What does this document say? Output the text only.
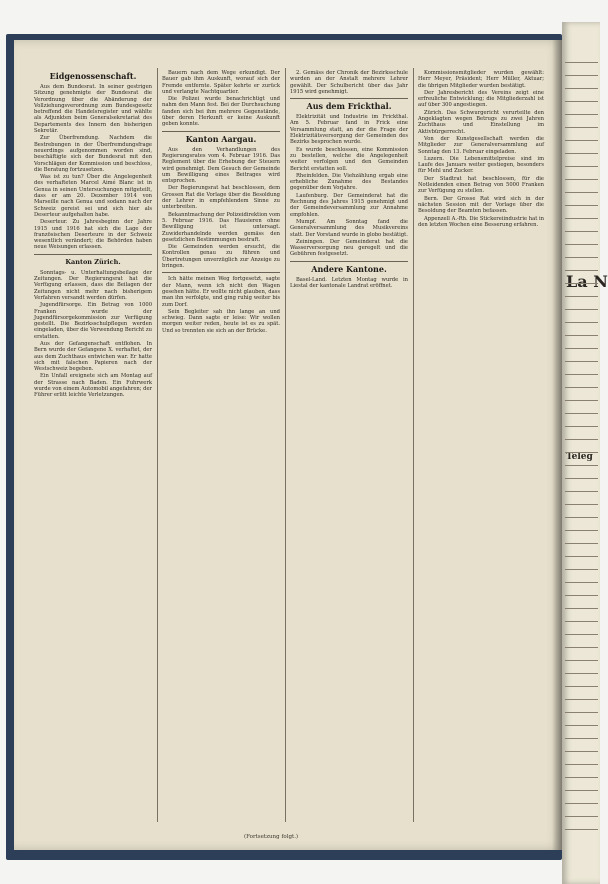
Eidgenossenschaft.

Aus dem Bundesrat. In seiner gestrigen Sitzung genehmigte der Bundesrat die Verordnung über die Abänderung der Vollziehungsverordnung zum Bundesgesetz betreffend die Handelsregister und wählte als Adjunkten beim Generalsekretariat des Departements des Innern den bisherigen Sekretär.

Zur Überfremdung. Nachdem die Bestrebungen in der Überfremdungsfrage neuerdings aufgenommen worden sind, beschäftigte sich der Bundesrat mit den Vorschlägen der Kommission und beschloss, die Beratung fortzusetzen.

Was ist zu tun? Über die Angelegenheit des verhafteten Marcel Aimé Blanc ist in Genua in seinen Untersuchungen mitgeteilt, dass er am 20. Dezember 1914 von Marseille nach Genua und sodann nach der Schweiz gereist sei und sich hier als Deserteur aufgehalten habe.

Deserteur. Zu Jahresbeginn der Jahre 1915 und 1916 hat sich die Lage der französischen Deserteure in der Schweiz wesentlich verändert; die Behörden haben neue Weisungen erlassen.

Kanton Zürich.

Sonntags- u. Unterhaltungsbeilage der Zeitungen. Der Regierungsrat hat die Verfügung erlassen, dass die Beilagen der Zeitungen nicht mehr nach bisherigem Verfahren versandt werden dürfen.

Jugendfürsorge. Ein Betrag von 1000 Franken wurde der Jugendfürsorgekommission zur Verfügung gestellt. Die Bezirksschulpflegen werden eingeladen, über die Verwendung Bericht zu erstatten.

Aus der Gefangenschaft entflohen. In Bern wurde der Gefangene X. verhaftet, der aus dem Zuchthaus entwichen war. Er hatte sich mit falschen Papieren nach der Westschweiz begeben.

Ein Unfall ereignete sich am Montag auf der Strasse nach Baden. Ein Fuhrwerk wurde von einem Automobil angefahren; der Führer erlitt leichte Verletzungen.

Bauern nach dem Wege erkundigt. Der Bauer gab ihm Auskunft, worauf sich der Fremde entfernte. Später kehrte er zurück und verlangte Nachtquartier.

Die Polizei wurde benachrichtigt und nahm den Mann fest. Bei der Durchsuchung fanden sich bei ihm mehrere Gegenstände, über deren Herkunft er keine Auskunft geben konnte.

Kanton Aargau.

Aus den Verhandlungen des Regierungsrates vom 4. Februar 1916. Das Reglement über die Erhebung der Steuern wird genehmigt. Dem Gesuch der Gemeinde um Bewilligung eines Beitrages wird entsprochen.

Der Regierungsrat hat beschlossen, dem Grossen Rat die Vorlage über die Besoldung der Lehrer in empfehlendem Sinne zu unterbreiten.

Bekanntmachung der Polizeidirektion vom 5. Februar 1916. Das Hausieren ohne Bewilligung ist untersagt. Zuwiderhandelnde werden gemäss den gesetzlichen Bestimmungen bestraft.

Die Gemeinden werden ersucht, die Kontrollen genau zu führen und Übertretungen unverzüglich zur Anzeige zu bringen.

Ich hätte meinen Weg fortgesetzt, sagte der Mann, wenn ich nicht den Wagen gesehen hätte. Er wollte nicht glauben, dass man ihn verfolgte, und ging ruhig weiter bis zum Dorf.

Sein Begleiter sah ihn lange an und schwieg. Dann sagte er leise: Wir wollen morgen weiter reden, heute ist es zu spät. Und so trennten sie sich an der Brücke.

2. Gemäss der Chronik der Bezirksschule wurden an der Anstalt mehrere Lehrer gewählt. Der Schulbericht über das Jahr 1915 wird genehmigt.

Aus dem Frickthal.

Elektrizität und Industrie im Frickthal. Am 5. Februar fand in Frick eine Versammlung statt, an der die Frage der Elektrizitätsversorgung der Gemeinden des Bezirks besprochen wurde.

Es wurde beschlossen, eine Kommission zu bestellen, welche die Angelegenheit weiter verfolgen und den Gemeinden Bericht erstatten soll.

Rheinfelden. Die Viehzählung ergab eine erhebliche Zunahme des Bestandes gegenüber dem Vorjahre.

Laufenburg. Der Gemeinderat hat die Rechnung des Jahres 1915 genehmigt und der Gemeindeversammlung zur Annahme empfohlen.

Mumpf. Am Sonntag fand die Generalversammlung des Musikvereins statt. Der Vorstand wurde in globo bestätigt.

Zeiningen. Der Gemeinderat hat die Wasserversorgung neu geregelt und die Gebühren festgesetzt.

Andere Kantone.

Basel-Land. Letzten Montag wurde in Liestal der kantonale Landrat eröffnet.

Kommissionsmitglieder wurden gewählt: Herr Meyer, Präsident; Herr Müller, Aktuar; die übrigen Mitglieder wurden bestätigt.

Der Jahresbericht des Vereins zeigt eine erfreuliche Entwicklung; die Mitgliederzahl ist auf über 300 angestiegen.

Zürich. Das Schwurgericht verurteilte den Angeklagten wegen Betrugs zu zwei Jahren Zuchthaus und Einstellung im Aktivbürgerrecht.

Von der Kunstgesellschaft werden die Mitglieder zur Generalversammlung auf Sonntag den 13. Februar eingeladen.

Luzern. Die Lebensmittelpreise sind im Laufe des Januars weiter gestiegen, besonders für Mehl und Zucker.

Der Stadtrat hat beschlossen, für die Notleidenden einen Betrag von 5000 Franken zur Verfügung zu stellen.

Bern. Der Grosse Rat wird sich in der nächsten Session mit der Vorlage über die Besoldung der Beamten befassen.

Appenzell A.-Rh. Die Stickereiindustrie hat in den letzten Wochen eine Besserung erfahren.

(Fortsetzung folgt.)
La N
Teleg
